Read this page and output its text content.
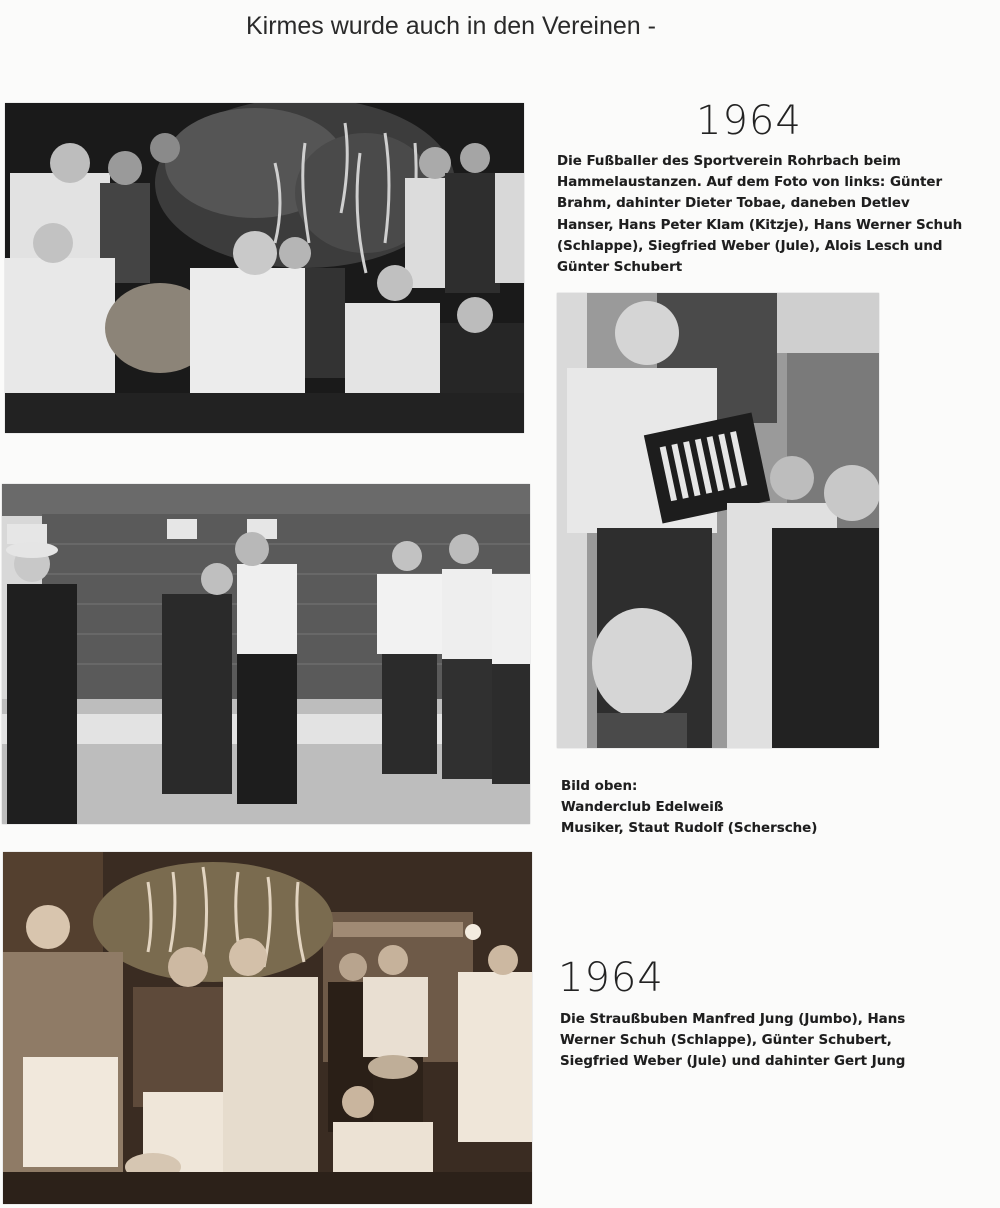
Kirmes wurde auch in den Vereinen -
1964
Die Fußballer des Sportverein Rohrbach beim
Hammelaustanzen. Auf dem Foto von links: Günter
Brahm, dahinter Dieter Tobae, daneben Detlev
Hanser, Hans Peter Klam (Kitzje), Hans Werner Schuh
(Schlappe), Siegfried Weber (Jule), Alois Lesch und
Günter Schubert
Bild oben:
Wanderclub Edelweiß
Musiker, Staut Rudolf (Schersche)
1964
Die Straußbuben Manfred Jung (Jumbo), Hans
Werner Schuh (Schlappe), Günter Schubert,
Siegfried Weber (Jule) und dahinter Gert Jung
